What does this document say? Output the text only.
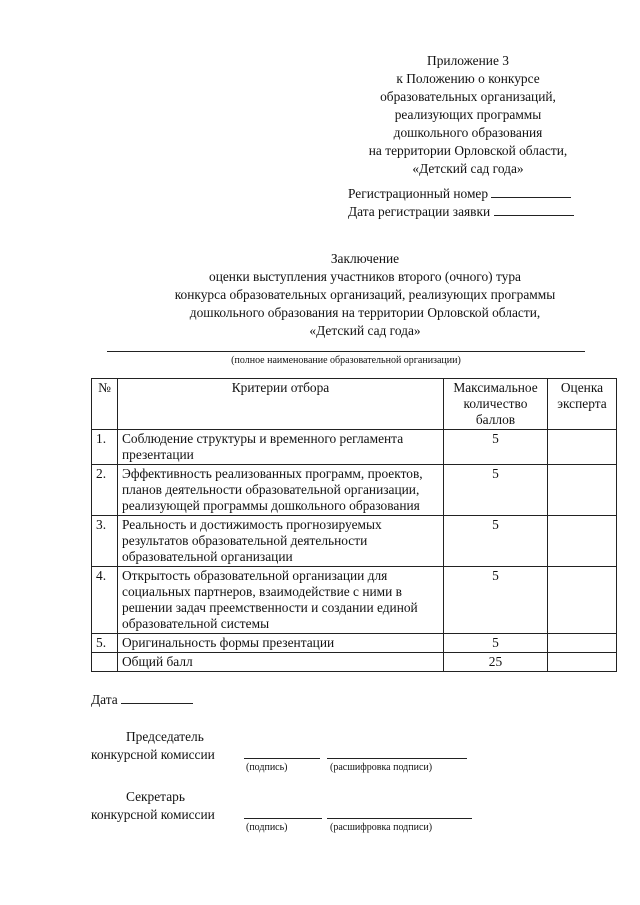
Приложение 3
к Положению о конкурсе
образовательных организаций,
реализующих программы
дошкольного образования
на территории Орловской области,
«Детский сад года»
Регистрационный номер
Дата регистрации заявки
Заключение
оценки выступления участников второго (очного) тура
конкурса образовательных организаций, реализующих программы
дошкольного образования на территории Орловской области,
«Детский сад года»
(полное наименование образовательной организации)
№	Критерии отбора	Максимальное количество баллов	Оценка эксперта
1.	Соблюдение структуры и временного регламента презентации	5	
2.	Эффективность реализованных программ, проектов, планов деятельности образовательной организации, реализующей программы дошкольного образования	5	
3.	Реальность и достижимость прогнозируемых результатов образовательной деятельности образовательной организации	5	
4.	Открытость образовательной организации для социальных партнеров, взаимодействие с ними в решении задач преемственности и создании единой образовательной системы	5	
5.	Оригинальность формы презентации	5	
	Общий балл	25	
Дата
Председатель
конкурсной комиссии
(подпись)	(расшифровка подписи)
Секретарь
конкурсной комиссии
(подпись)	(расшифровка подписи)
